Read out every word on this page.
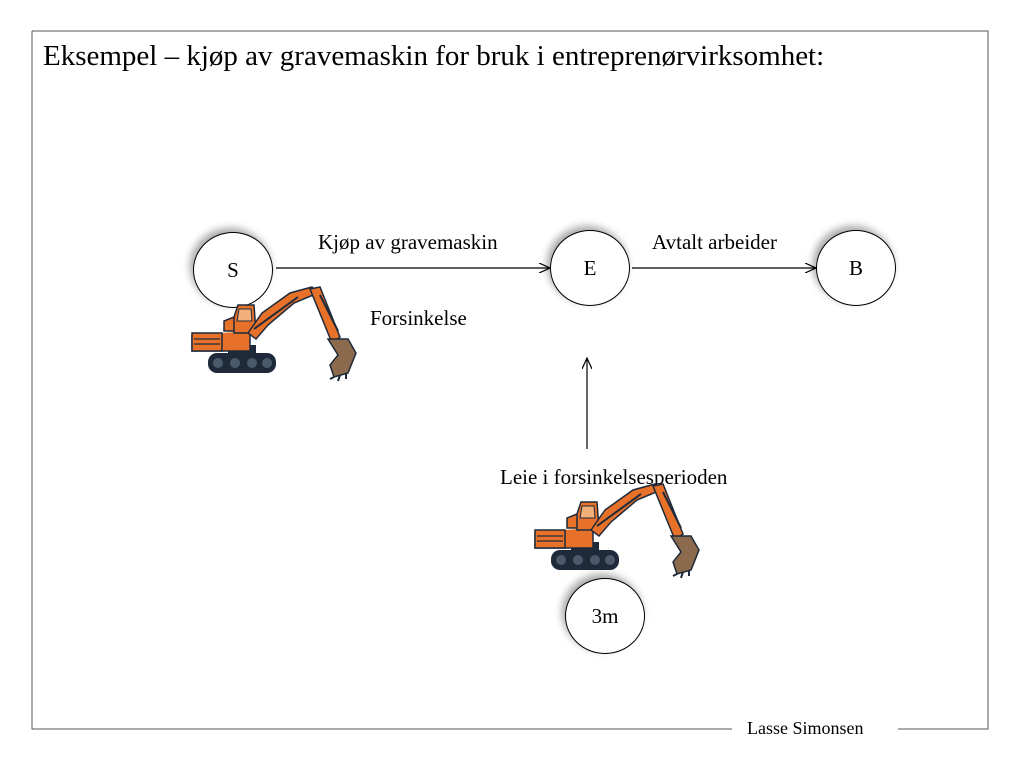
Eksempel – kjøp av gravemaskin for bruk i entreprenørvirksomhet:
S	E	B
3m
Kjøp av gravemaskin	Avtalt arbeider
Leie i forsinkelsesperioden
Forsinkelse
Lasse Simonsen
